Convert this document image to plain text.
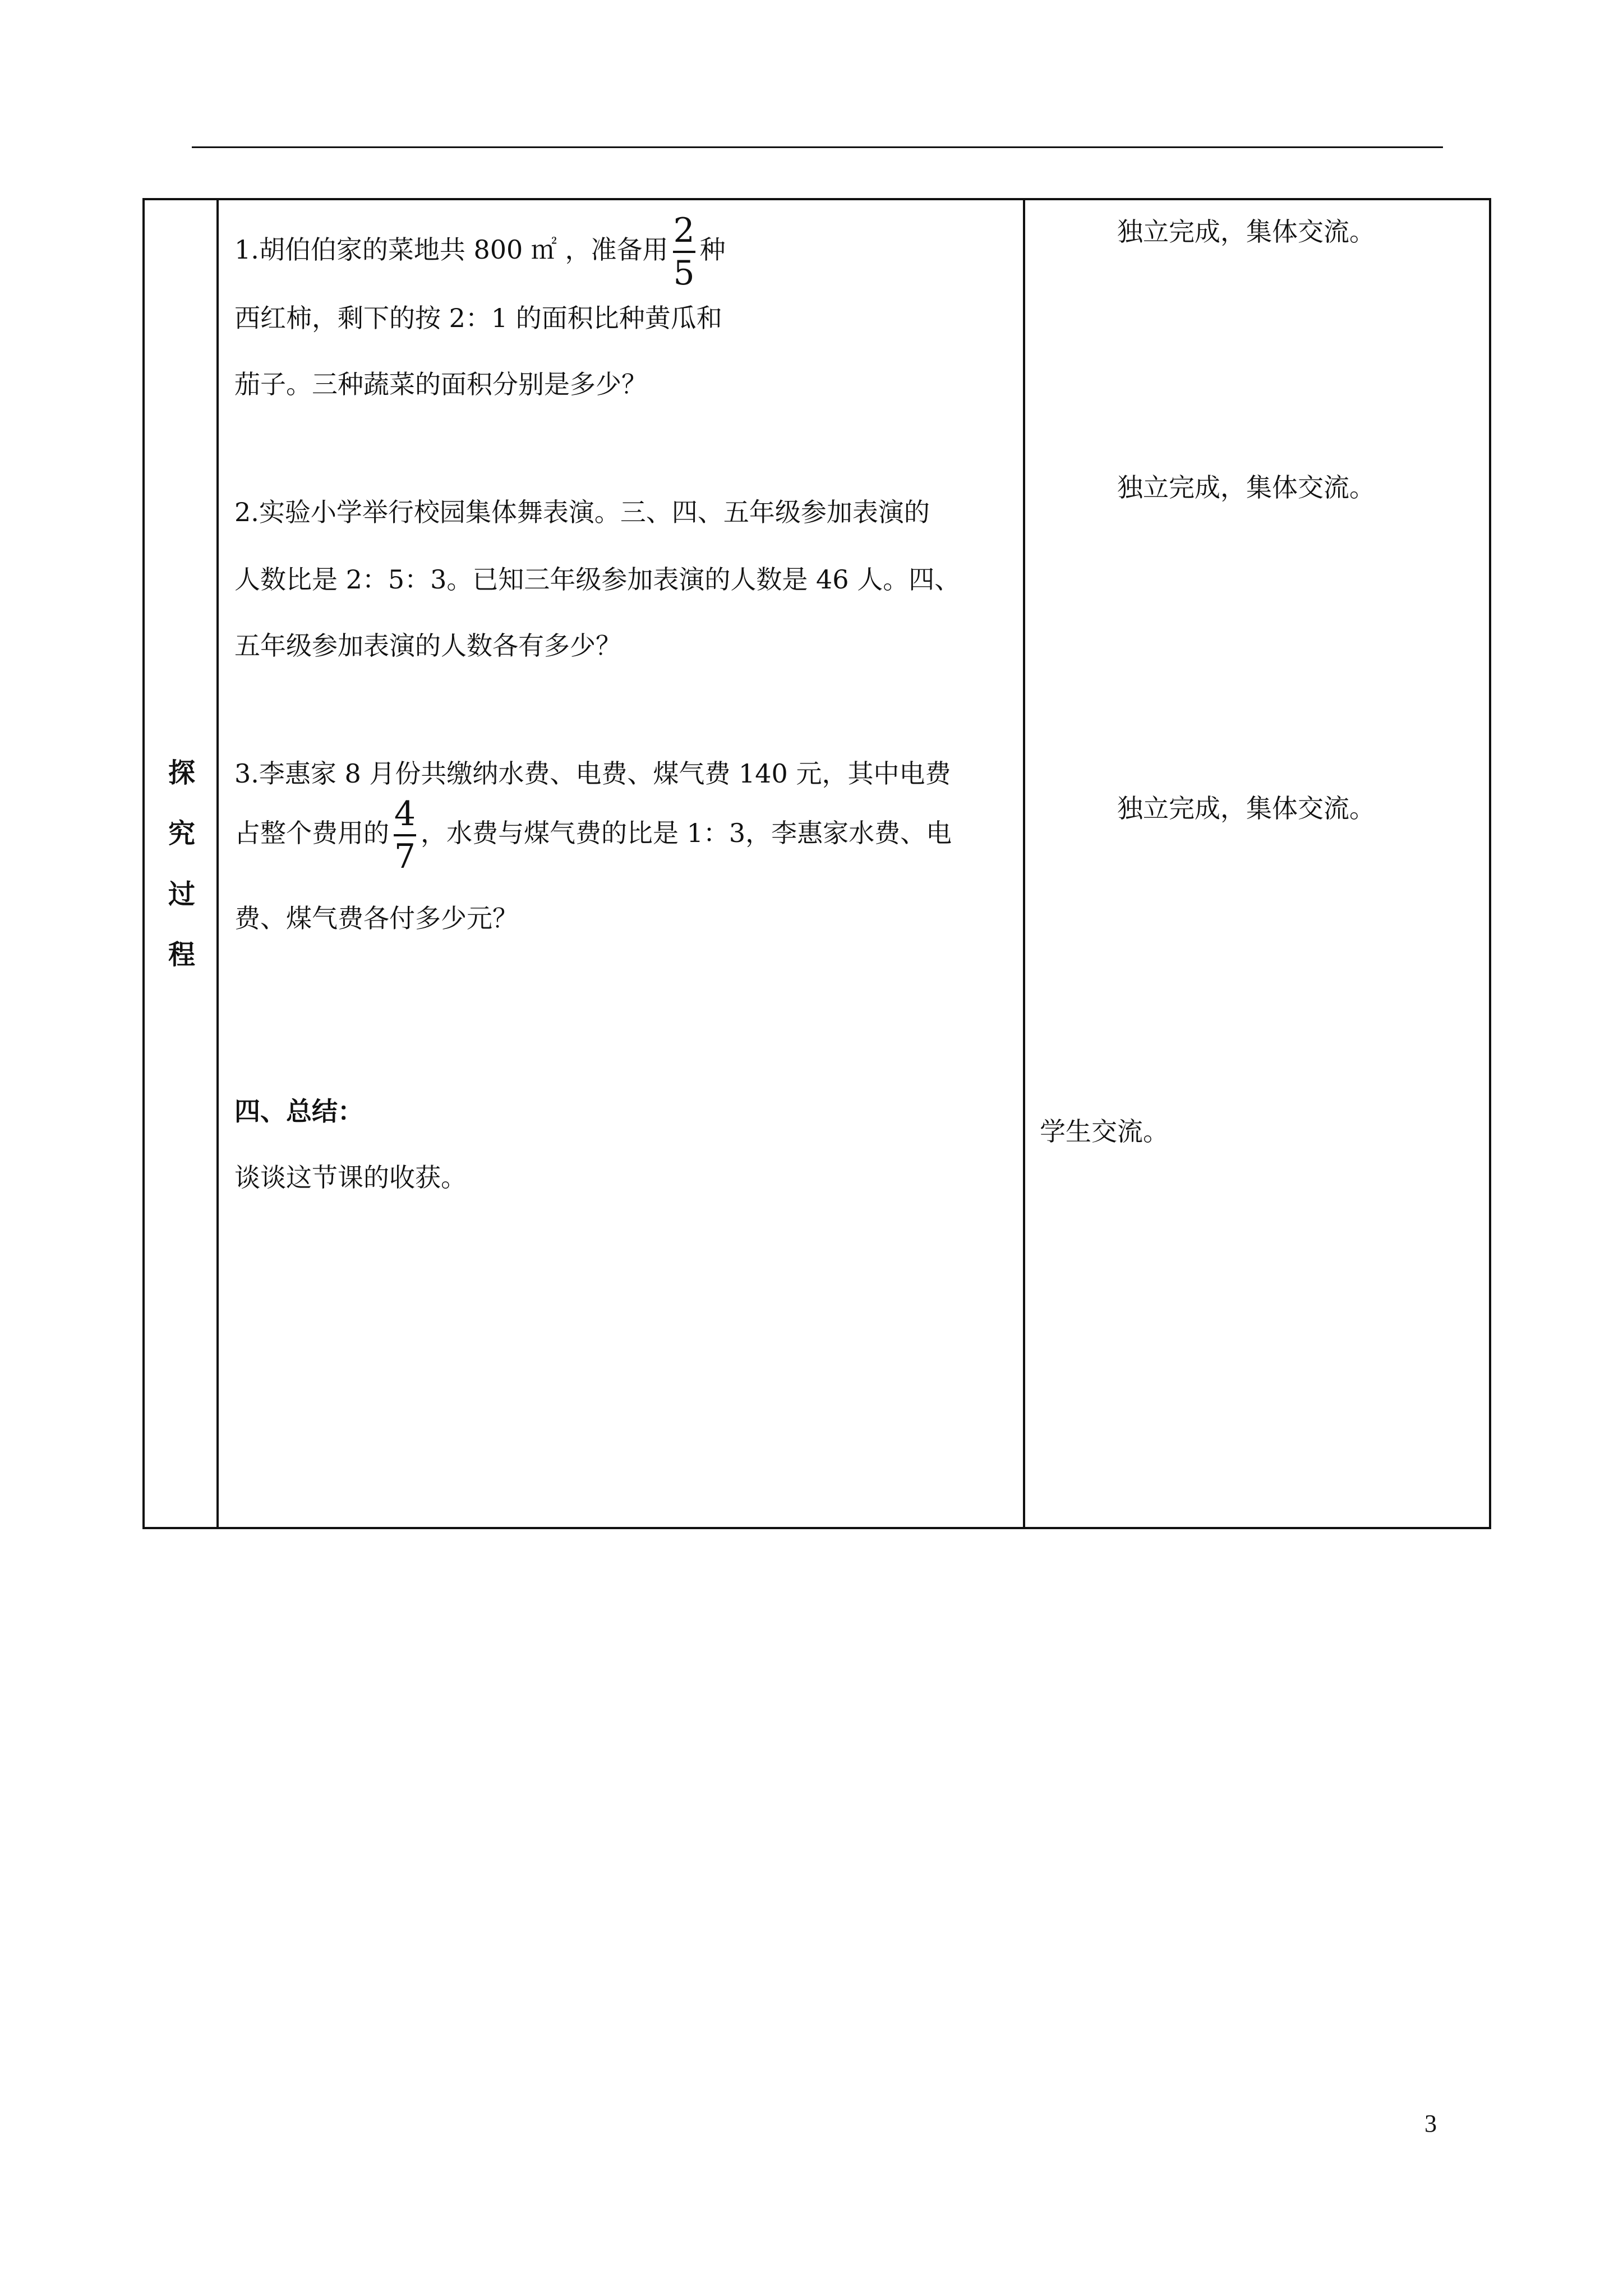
探
究
过
程
1.胡伯伯家的菜地共 800 ㎡ ，准备用 $\frac{2}{5}$ 种
西红柿，剩下的按 2：1 的面积比种黄瓜和
茄子。三种蔬菜的面积分别是多少？
2.实验小学举行校园集体舞表演。三、四、五年级参加表演的
人数比是 2：5：3。已知三年级参加表演的人数是 46 人。四、
五年级参加表演的人数各有多少？
3.李惠家 8 月份共缴纳水费、电费、煤气费 140 元，其中电费
占整个费用的 $\frac{4}{7}$ ，水费与煤气费的比是 1：3，李惠家水费、电
费、煤气费各付多少元？
四、总结：
谈谈这节课的收获。
独立完成，集体交流。
独立完成，集体交流。
独立完成，集体交流。
学生交流。
3
